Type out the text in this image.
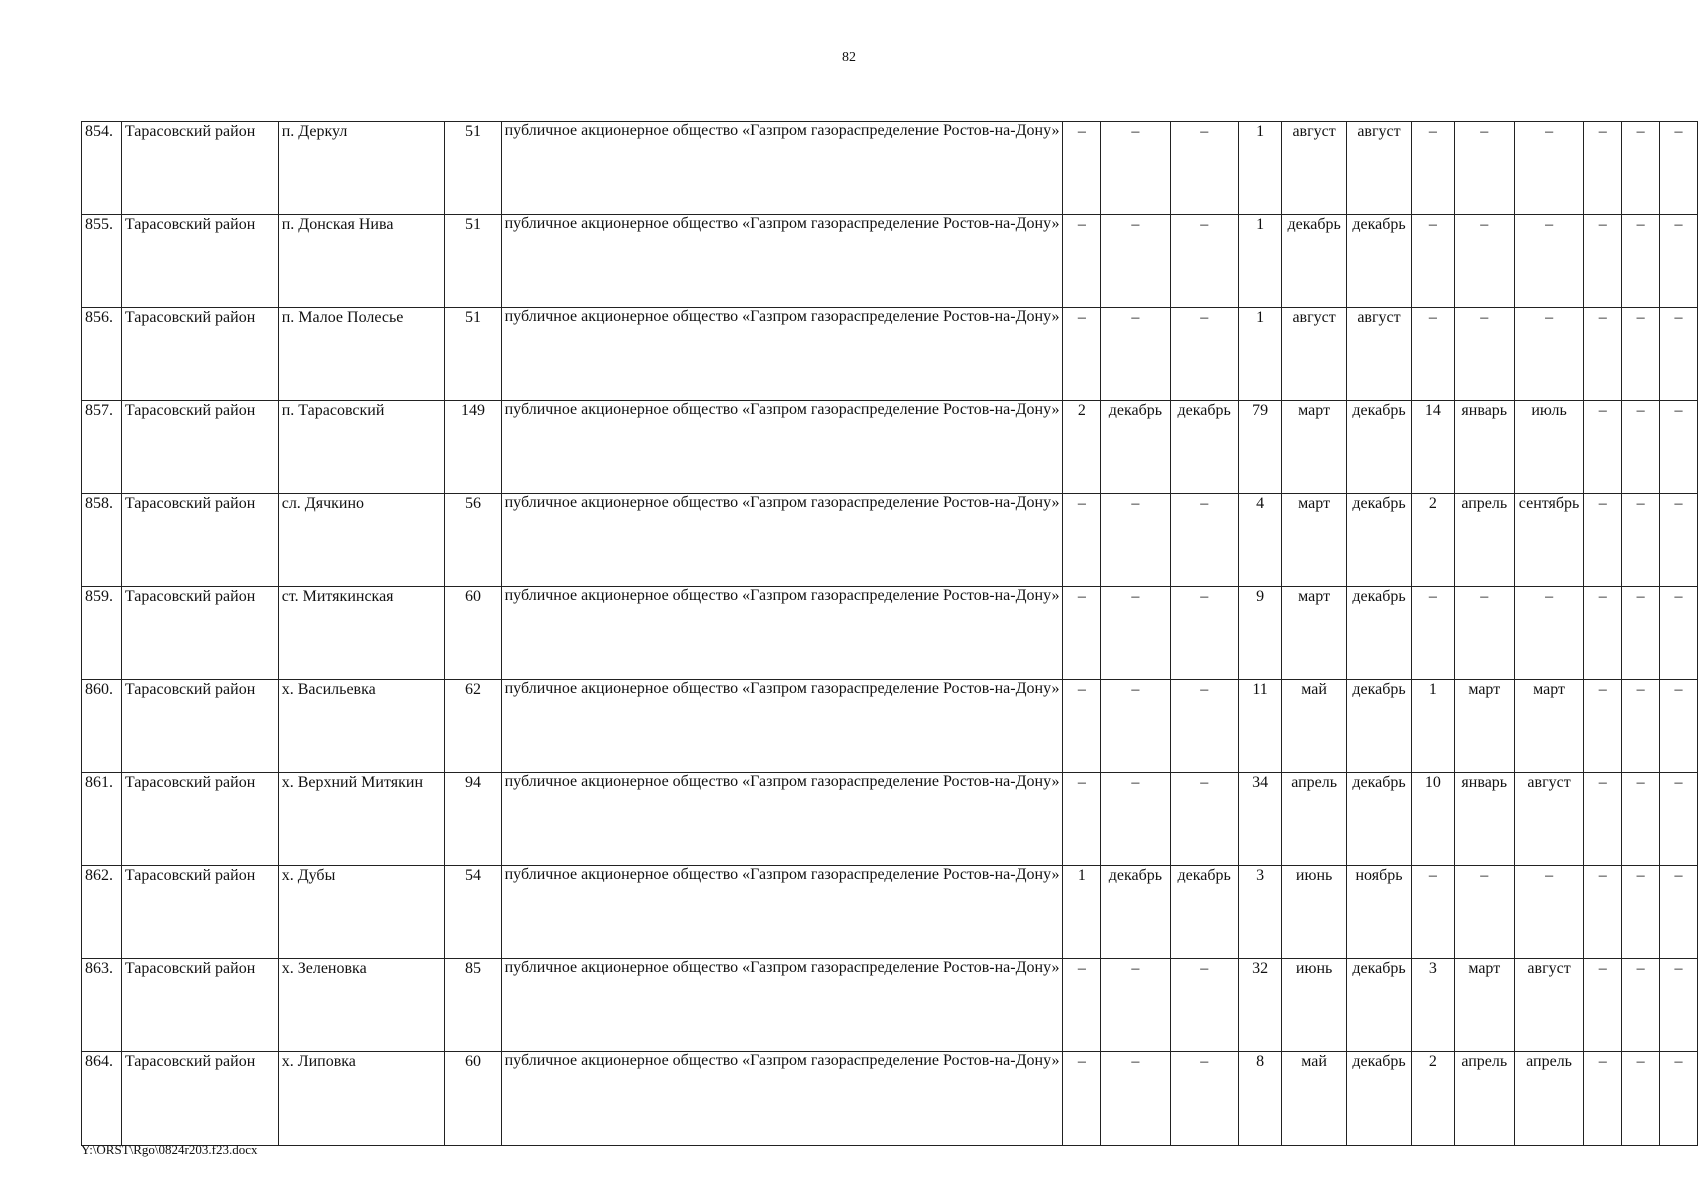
82
854.	Тарасовский район	п. Деркул	51	публичное акционерное общество «Газпром газораспределение Ростов-на-Дону»	–	–	–	1	август	август	–	–	–	–	–	–
855.	Тарасовский район	п. Донская Нива	51	публичное акционерное общество «Газпром газораспределение Ростов-на-Дону»	–	–	–	1	декабрь	декабрь	–	–	–	–	–	–
856.	Тарасовский район	п. Малое Полесье	51	публичное акционерное общество «Газпром газораспределение Ростов-на-Дону»	–	–	–	1	август	август	–	–	–	–	–	–
857.	Тарасовский район	п. Тарасовский	149	публичное акционерное общество «Газпром газораспределение Ростов-на-Дону»	2	декабрь	декабрь	79	март	декабрь	14	январь	июль	–	–	–
858.	Тарасовский район	сл. Дячкино	56	публичное акционерное общество «Газпром газораспределение Ростов-на-Дону»	–	–	–	4	март	декабрь	2	апрель	сентябрь	–	–	–
859.	Тарасовский район	ст. Митякинская	60	публичное акционерное общество «Газпром газораспределение Ростов-на-Дону»	–	–	–	9	март	декабрь	–	–	–	–	–	–
860.	Тарасовский район	х. Васильевка	62	публичное акционерное общество «Газпром газораспределение Ростов-на-Дону»	–	–	–	11	май	декабрь	1	март	март	–	–	–
861.	Тарасовский район	х. Верхний Митякин	94	публичное акционерное общество «Газпром газораспределение Ростов-на-Дону»	–	–	–	34	апрель	декабрь	10	январь	август	–	–	–
862.	Тарасовский район	х. Дубы	54	публичное акционерное общество «Газпром газораспределение Ростов-на-Дону»	1	декабрь	декабрь	3	июнь	ноябрь	–	–	–	–	–	–
863.	Тарасовский район	х. Зеленовка	85	публичное акционерное общество «Газпром газораспределение Ростов-на-Дону»	–	–	–	32	июнь	декабрь	3	март	август	–	–	–
864.	Тарасовский район	х. Липовка	60	публичное акционерное общество «Газпром газораспределение Ростов-на-Дону»	–	–	–	8	май	декабрь	2	апрель	апрель	–	–	–
Y:\ORST\Rgo\0824r203.f23.docx
